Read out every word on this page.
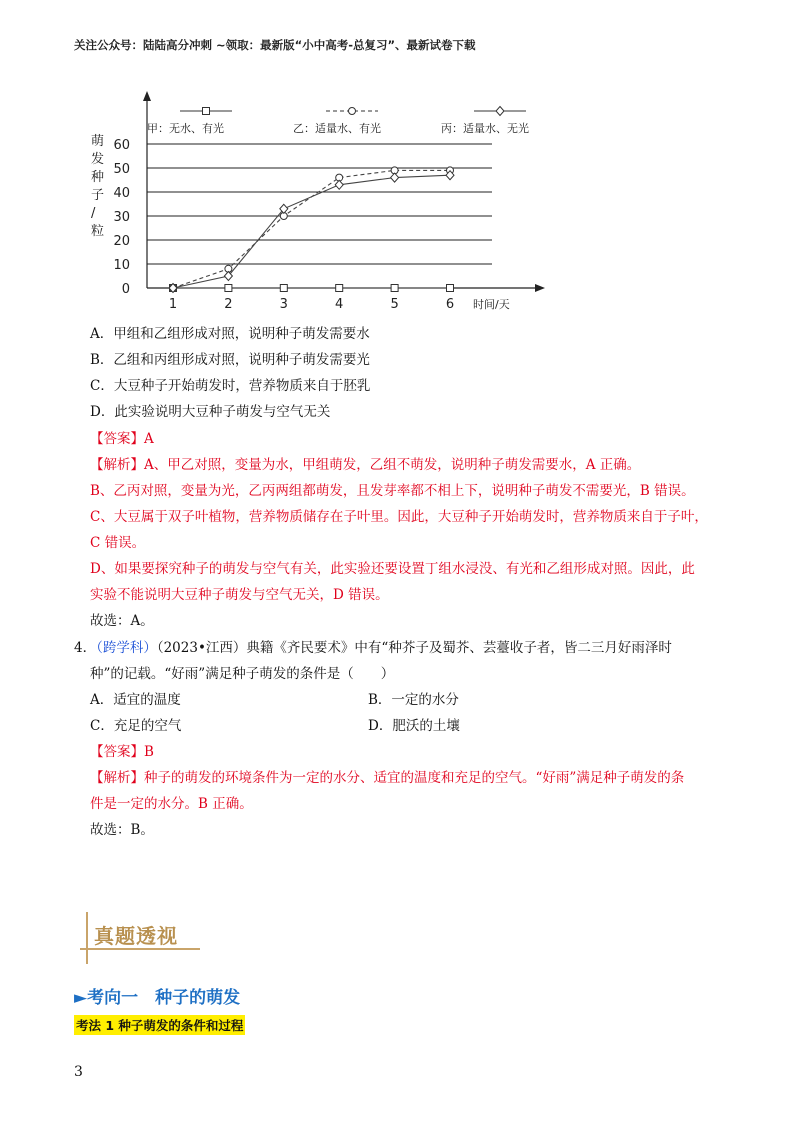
关注公众号：陆陆高分冲刺 ~领取：最新版“小中高考-总复习”、最新试卷下载
萌
发
种
子
/
粒
0
10
20
30
40
50
60
1	2	3	4	5	6 时间/天
甲：无水、有光	乙：适量水、有光	丙：适量水、无光
A．甲组和乙组形成对照，说明种子萌发需要水
B．乙组和丙组形成对照，说明种子萌发需要光
C．大豆种子开始萌发时，营养物质来自于胚乳
D．此实验说明大豆种子萌发与空气无关
【答案】A
【解析】A、甲乙对照，变量为水，甲组萌发，乙组不萌发，说明种子萌发需要水，A 正确。
B、乙丙对照，变量为光，乙丙两组都萌发，且发芽率都不相上下，说明种子萌发不需要光，B 错误。
C、大豆属于双子叶植物，营养物质储存在子叶里。因此，大豆种子开始萌发时，营养物质来自于子叶，
C 错误。
D、如果要探究种子的萌发与空气有关，此实验还要设置丁组水浸没、有光和乙组形成对照。因此，此
实验不能说明大豆种子萌发与空气无关，D 错误。
故选：A。
4．（跨学科）（2023•江西）典籍《齐民要术》中有“种芥子及蜀芥、芸薹收子者，皆二三月好雨泽时
种”的记载。“好雨”满足种子萌发的条件是（　　）
A．适宜的温度	B．一定的水分
C．充足的空气	D．肥沃的土壤
【答案】B
【解析】种子的萌发的环境条件为一定的水分、适宜的温度和充足的空气。“好雨”满足种子萌发的条
件是一定的水分。B 正确。
故选：B。
真题透视
►考向一　种子的萌发
考法 1 种子萌发的条件和过程
3
